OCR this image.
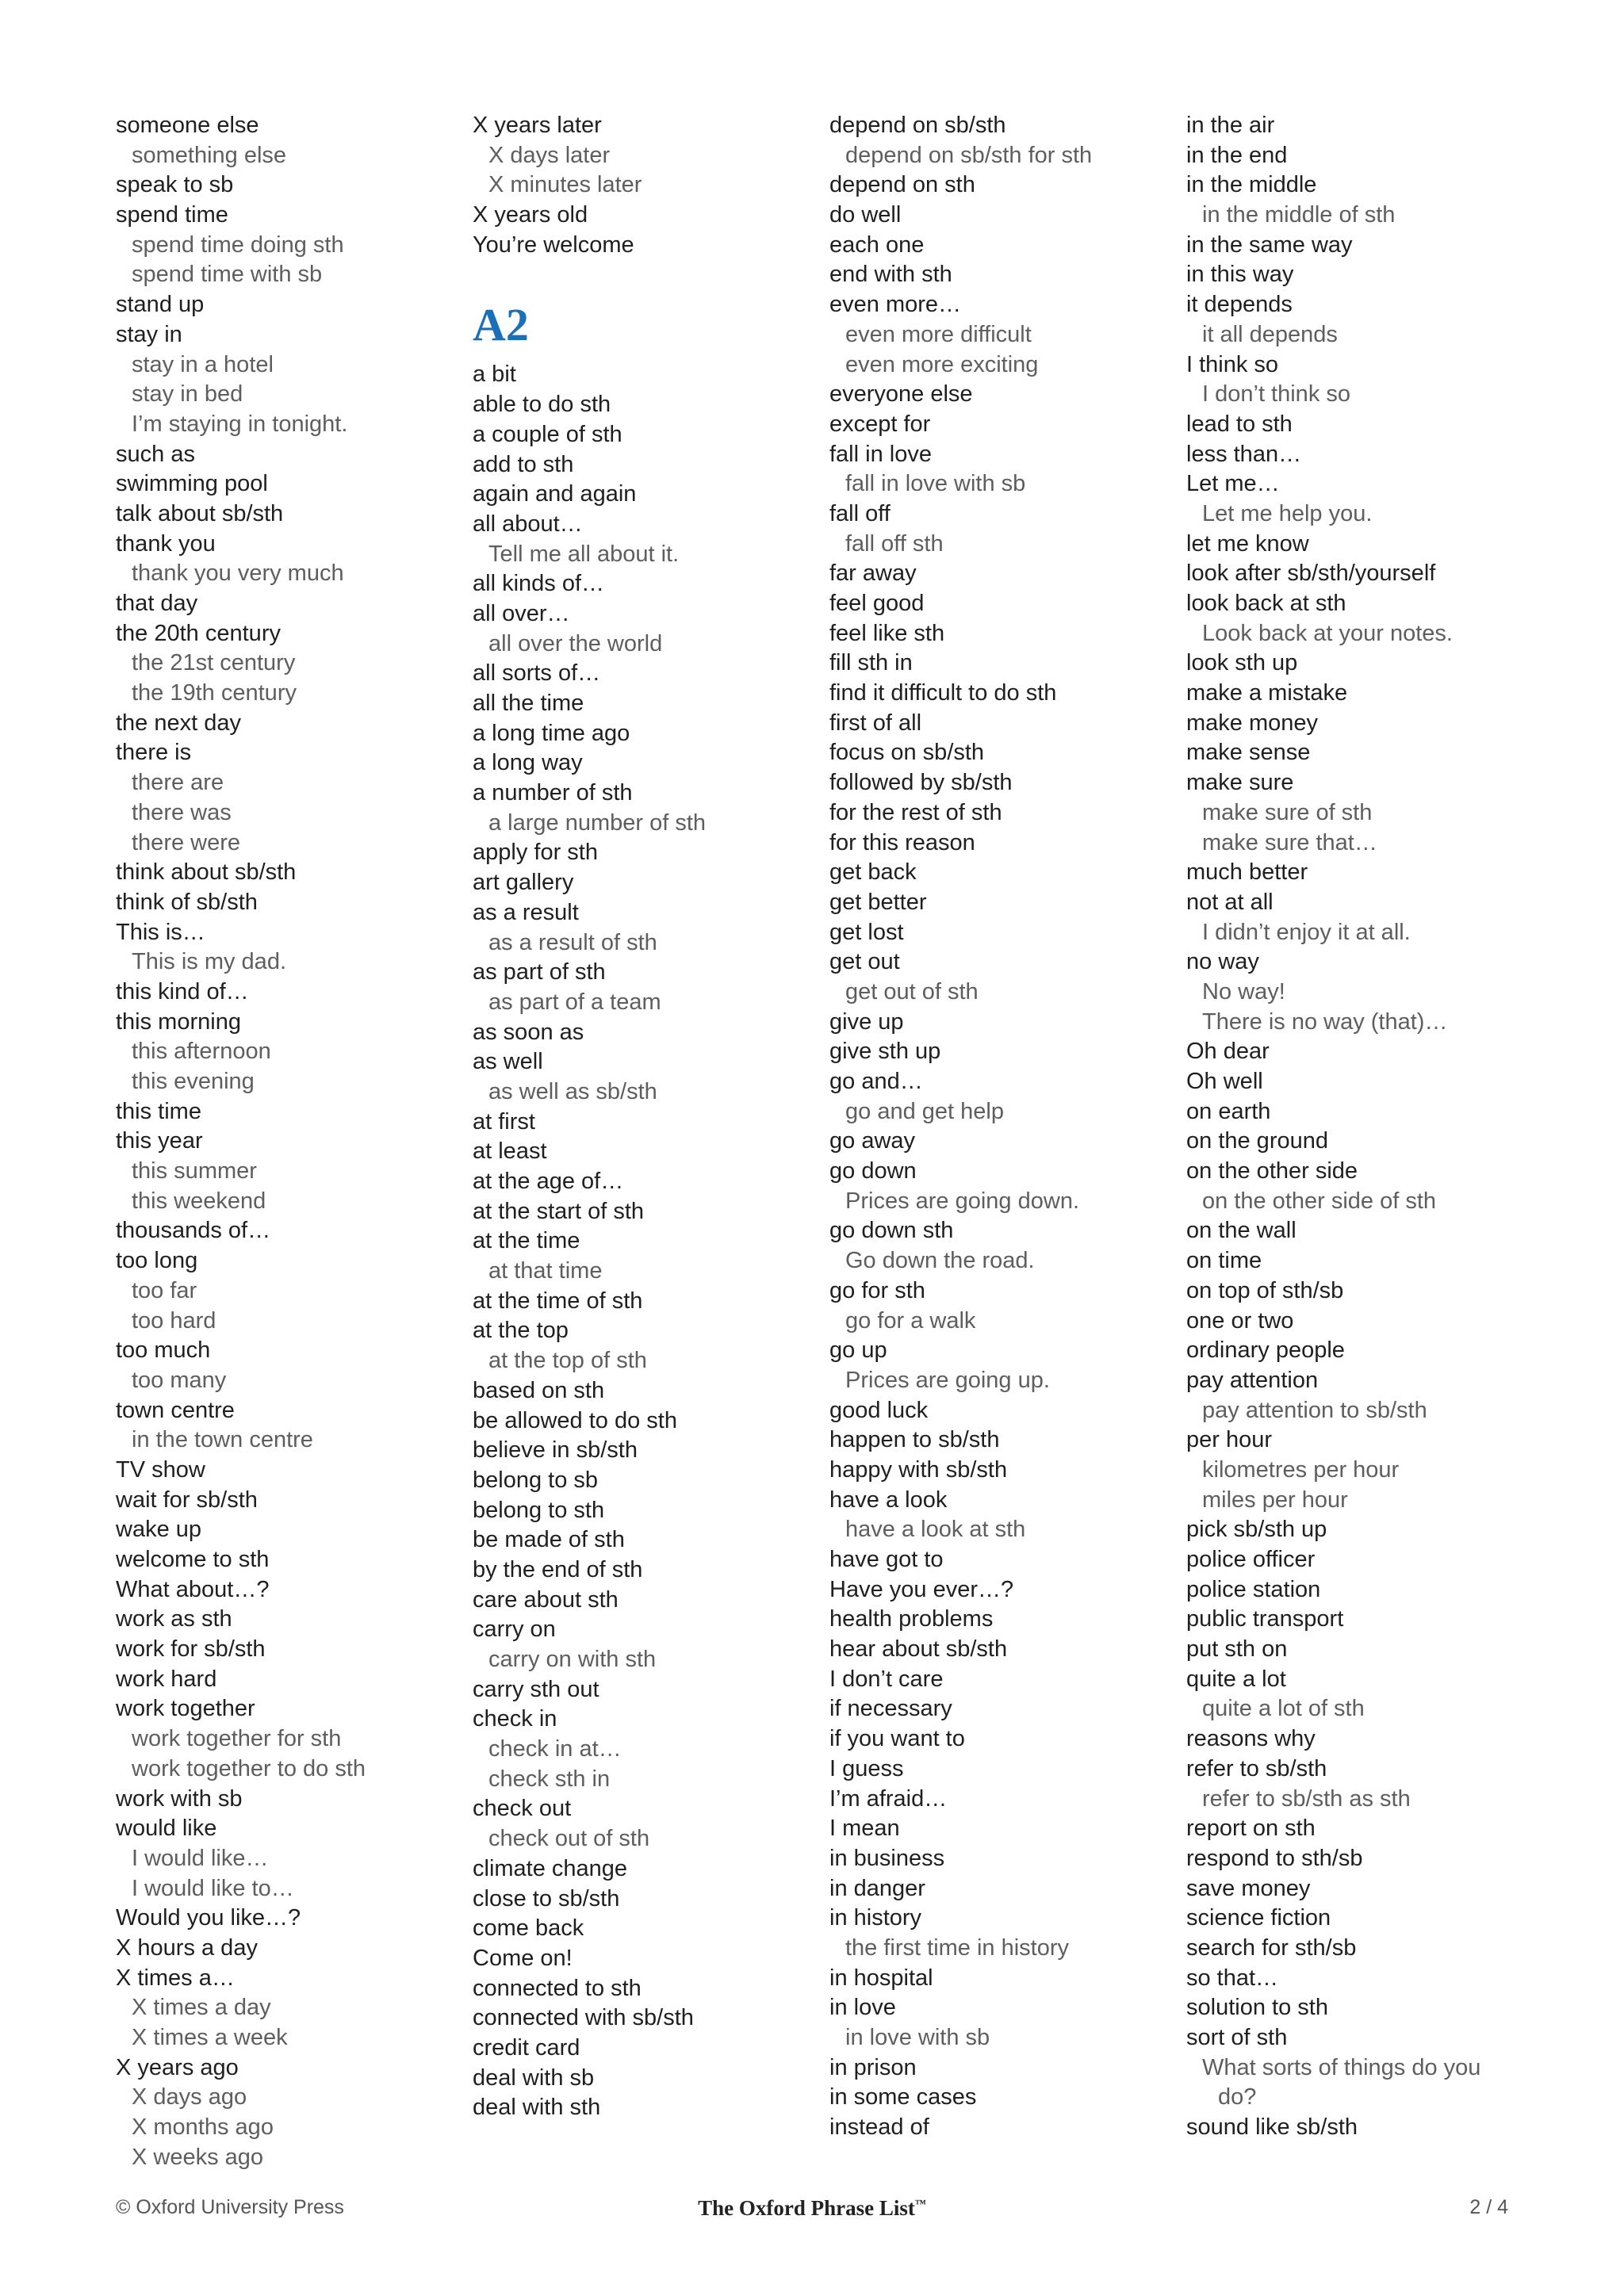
someone else
something else
speak to sb
spend time
spend time doing sth
spend time with sb
stand up
stay in
stay in a hotel
stay in bed
I’m staying in tonight.
such as
swimming pool
talk about sb/sth
thank you
thank you very much
that day
the 20th century
the 21st century
the 19th century
the next day
there is
there are
there was
there were
think about sb/sth
think of sb/sth
This is…
This is my dad.
this kind of…
this morning
this afternoon
this evening
this time
this year
this summer
this weekend
thousands of…
too long
too far
too hard
too much
too many
town centre
in the town centre
TV show
wait for sb/sth
wake up
welcome to sth
What about…?
work as sth
work for sb/sth
work hard
work together
work together for sth
work together to do sth
work with sb
would like
I would like…
I would like to…
Would you like…?
X hours a day
X times a…
X times a day
X times a week
X years ago
X days ago
X months ago
X weeks ago
X years later
X days later
X minutes later
X years old
You’re welcome
A2
a bit
able to do sth
a couple of sth
add to sth
again and again
all about…
Tell me all about it.
all kinds of…
all over…
all over the world
all sorts of…
all the time
a long time ago
a long way
a number of sth
a large number of sth
apply for sth
art gallery
as a result
as a result of sth
as part of sth
as part of a team
as soon as
as well
as well as sb/sth
at first
at least
at the age of…
at the start of sth
at the time
at that time
at the time of sth
at the top
at the top of sth
based on sth
be allowed to do sth
believe in sb/sth
belong to sb
belong to sth
be made of sth
by the end of sth
care about sth
carry on
carry on with sth
carry sth out
check in
check in at…
check sth in
check out
check out of sth
climate change
close to sb/sth
come back
Come on!
connected to sth
connected with sb/sth
credit card
deal with sb
deal with sth
depend on sb/sth
depend on sb/sth for sth
depend on sth
do well
each one
end with sth
even more…
even more difficult
even more exciting
everyone else
except for
fall in love
fall in love with sb
fall off
fall off sth
far away
feel good
feel like sth
fill sth in
find it difficult to do sth
first of all
focus on sb/sth
followed by sb/sth
for the rest of sth
for this reason
get back
get better
get lost
get out
get out of sth
give up
give sth up
go and…
go and get help
go away
go down
Prices are going down.
go down sth
Go down the road.
go for sth
go for a walk
go up
Prices are going up.
good luck
happen to sb/sth
happy with sb/sth
have a look
have a look at sth
have got to
Have you ever…?
health problems
hear about sb/sth
I don’t care
if necessary
if you want to
I guess
I’m afraid…
I mean
in business
in danger
in history
the first time in history
in hospital
in love
in love with sb
in prison
in some cases
instead of
in the air
in the end
in the middle
in the middle of sth
in the same way
in this way
it depends
it all depends
I think so
I don’t think so
lead to sth
less than…
Let me…
Let me help you.
let me know
look after sb/sth/yourself
look back at sth
Look back at your notes.
look sth up
make a mistake
make money
make sense
make sure
make sure of sth
make sure that…
much better
not at all
I didn’t enjoy it at all.
no way
No way!
There is no way (that)…
Oh dear
Oh well
on earth
on the ground
on the other side
on the other side of sth
on the wall
on time
on top of sth/sb
one or two
ordinary people
pay attention
pay attention to sb/sth
per hour
kilometres per hour
miles per hour
pick sb/sth up
police officer
police station
public transport
put sth on
quite a lot
quite a lot of sth
reasons why
refer to sb/sth
refer to sb/sth as sth
report on sth
respond to sth/sb
save money
science fiction
search for sth/sb
so that…
solution to sth
sort of sth
What sorts of things do you
do?
sound like sb/sth
© Oxford University Press	The Oxford Phrase List™	2 / 4
